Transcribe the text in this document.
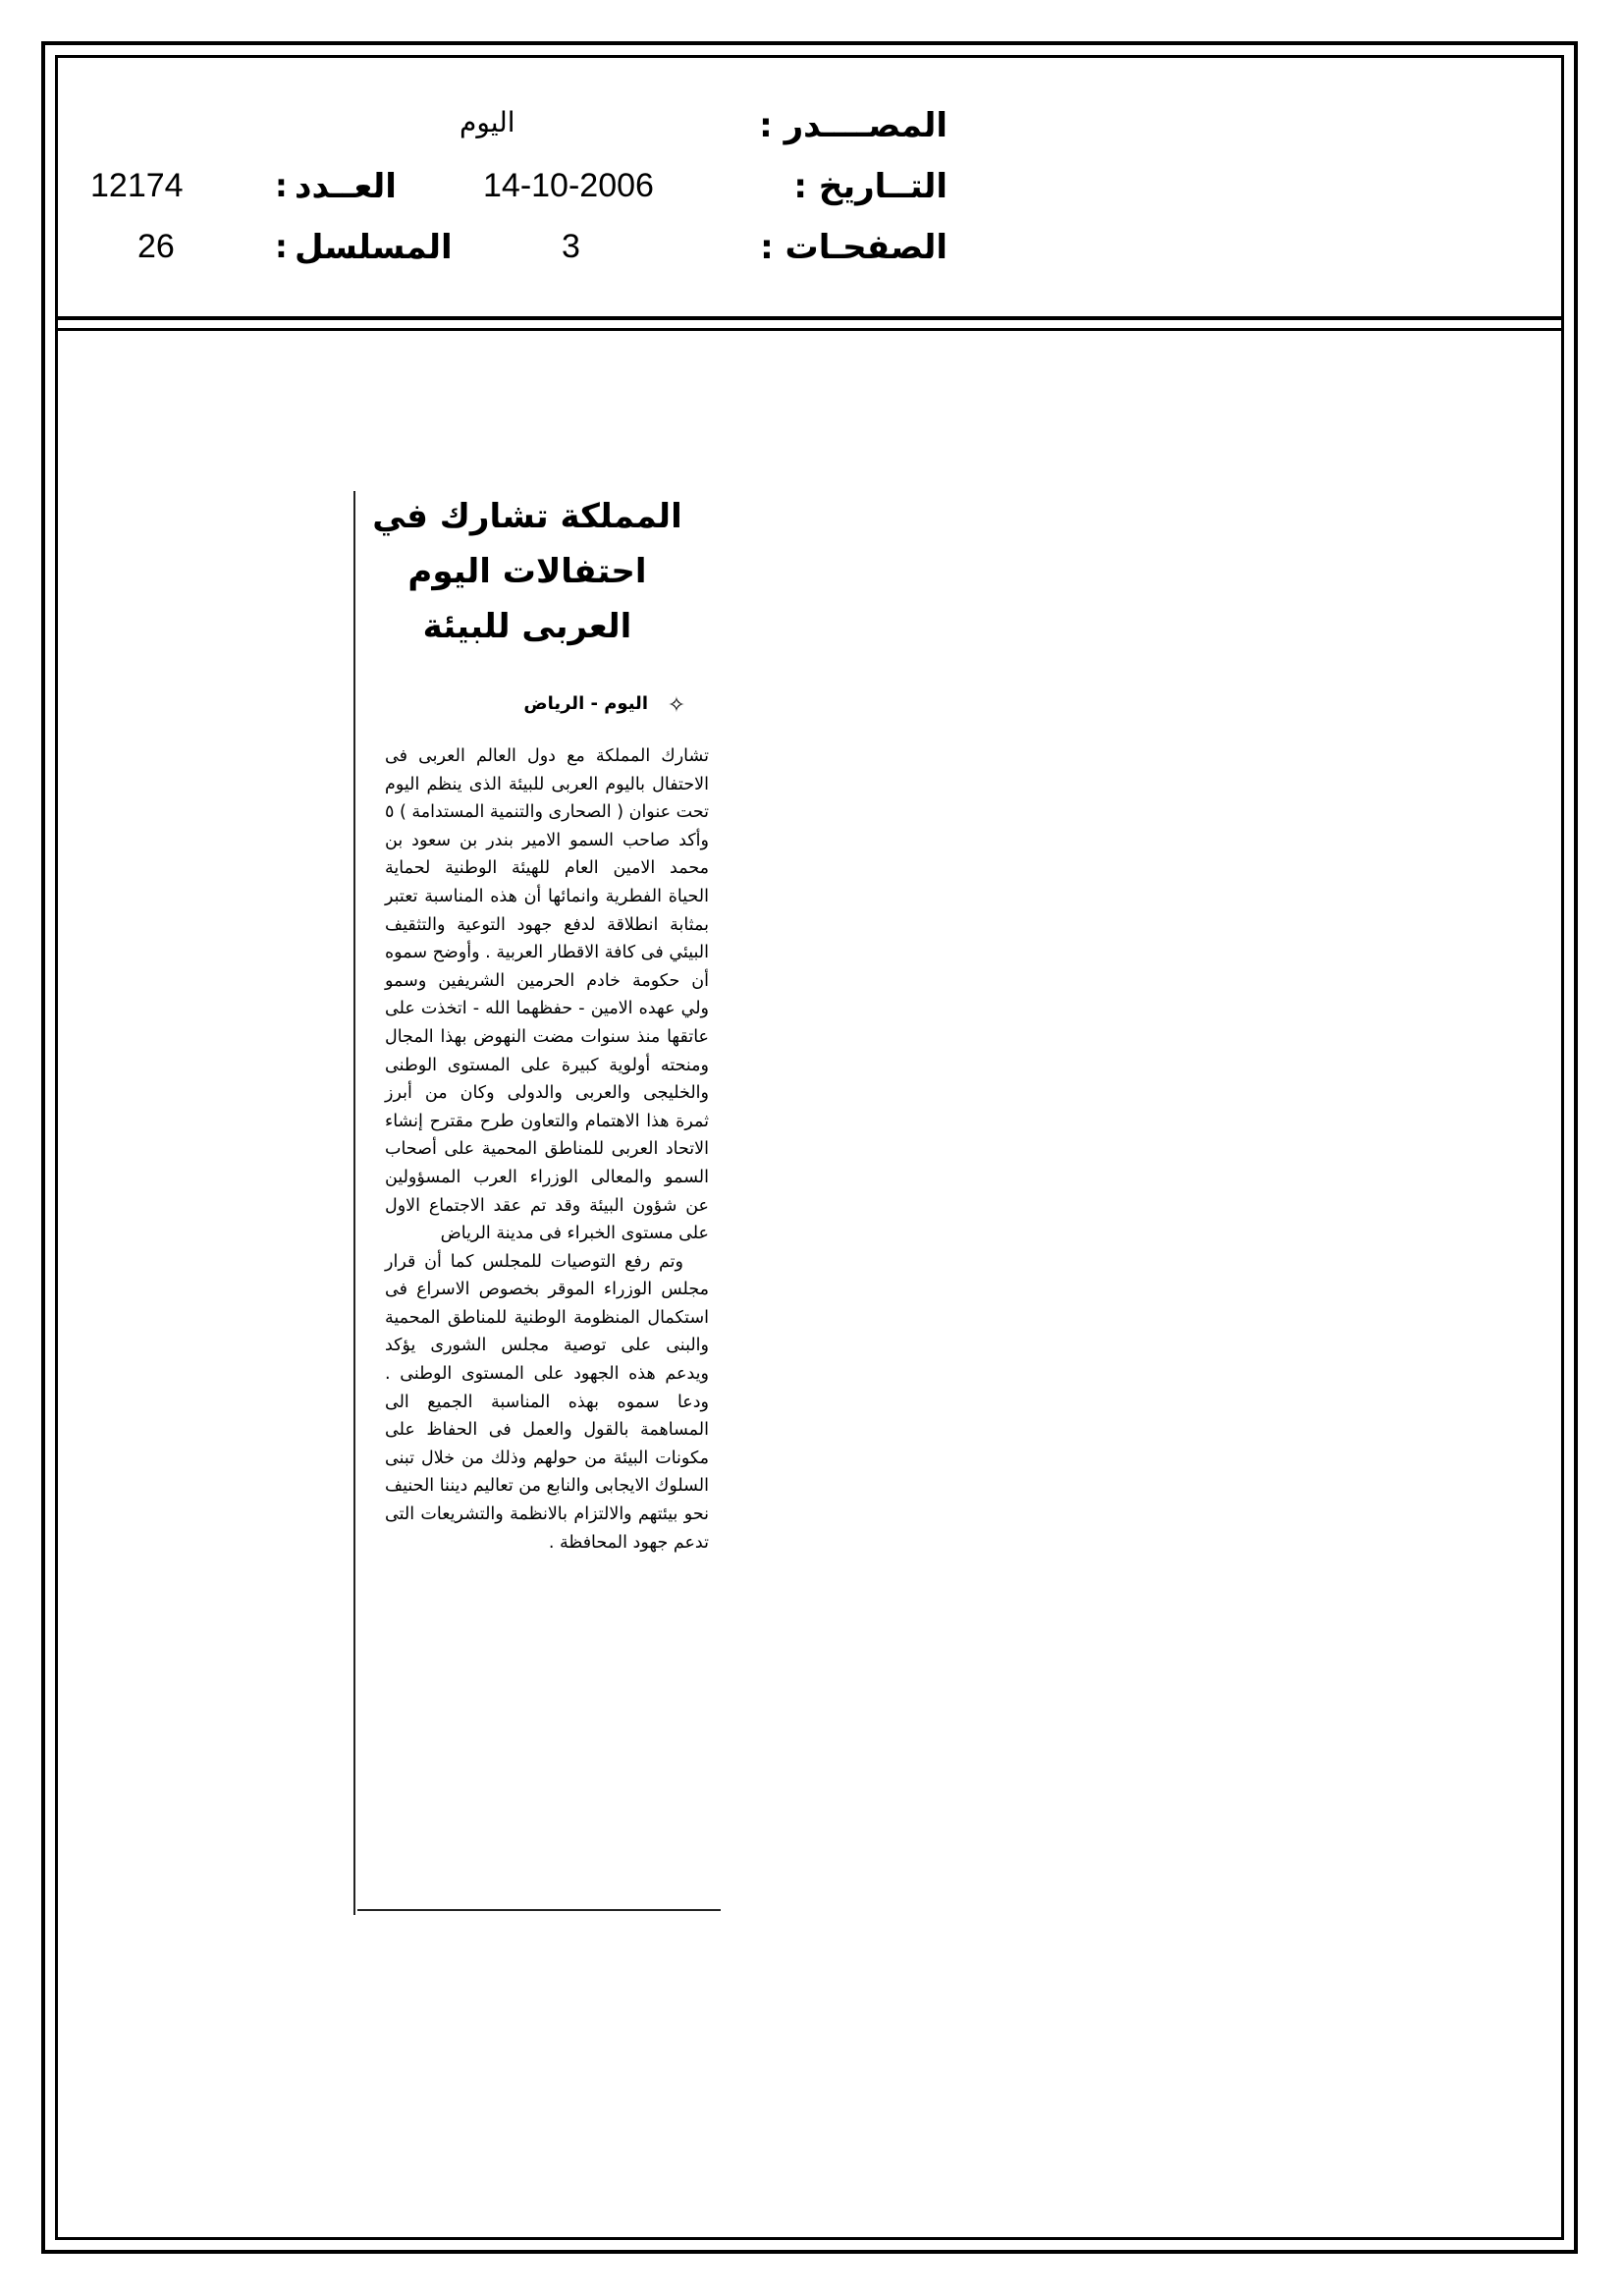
المصــــدر :
اليوم
التــاريخ :
14-10-2006
العــدد
:
12174
الصفحـات :
3
المسلسل
:
26
المملكة تشارك في
احتفالات اليوم
العربى للبيئة
✧
اليوم - الرياض

تشارك المملكة مع دول العالم العربى فى الاحتفال باليوم العربى للبيئة الذى ينظم اليوم تحت عنوان ( الصحارى والتنمية المستدامة ) ٥ وأكد صاحب السمو الامير بندر بن سعود بن محمد الامين العام للهيئة الوطنية لحماية الحياة الفطرية وانمائها أن هذه المناسبة تعتبر بمثابة انطلاقة لدفع جهود التوعية والتثقيف البيئي فى كافة الاقطار العربية . وأوضح سموه أن حكومة خادم الحرمين الشريفين وسمو ولي عهده الامين - حفظهما الله - اتخذت على عاتقها منذ سنوات مضت النهوض بهذا المجال ومنحته أولوية كبيرة على المستوى الوطنى والخليجى والعربى والدولى وكان من أبرز ثمرة هذا الاهتمام والتعاون طرح مقترح إنشاء الاتحاد العربى للمناطق المحمية على أصحاب السمو والمعالى الوزراء العرب المسؤولين عن شؤون البيئة وقد تم عقد الاجتماع الاول على مستوى الخبراء فى مدينة الرياض

وتم رفع التوصيات للمجلس كما أن قرار مجلس الوزراء الموقر بخصوص الاسراع فى استكمال المنظومة الوطنية للمناطق المحمية والبنى على توصية مجلس الشورى يؤكد ويدعم هذه الجهود على المستوى الوطنى . ودعا سموه بهذه المناسبة الجميع الى المساهمة بالقول والعمل فى الحفاظ على مكونات البيئة من حولهم وذلك من خلال تبنى السلوك الايجابى والنابع من تعاليم ديننا الحنيف نحو بيئتهم والالتزام بالانظمة والتشريعات التى تدعم جهود المحافظة .
